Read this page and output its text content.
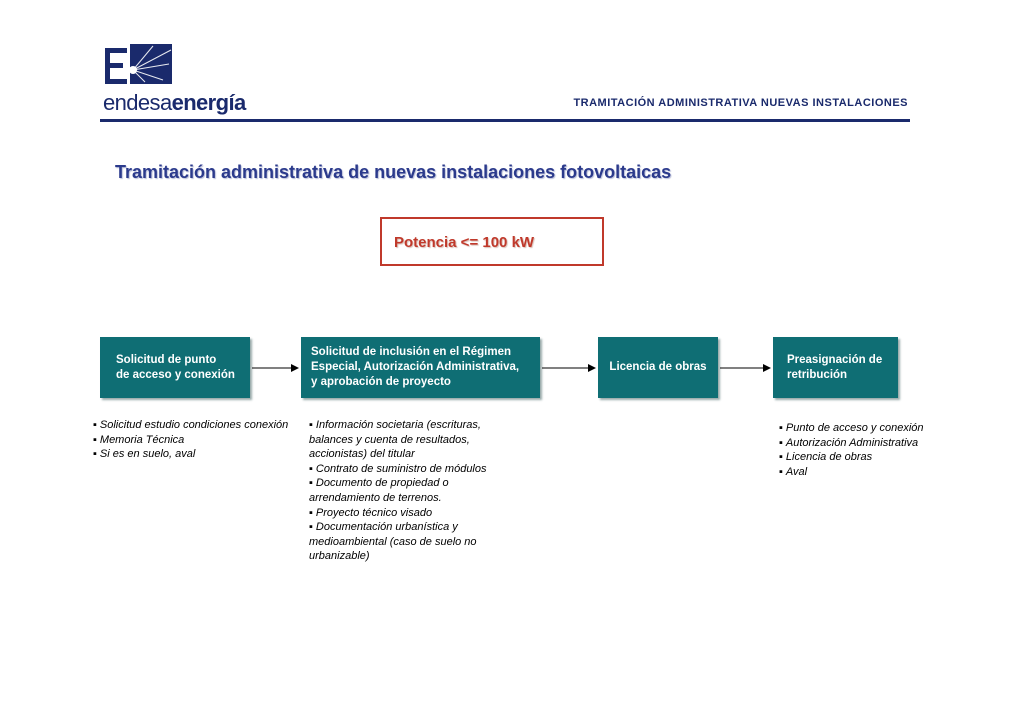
endesaenergía	TRAMITACIÓN ADMINISTRATIVA NUEVAS INSTALACIONES
Tramitación administrativa de nuevas instalaciones fotovoltaicas
Potencia <= 100 kW
Solicitud de punto
de acceso y conexión
Solicitud de inclusión en el Régimen
Especial, Autorización Administrativa,
y aprobación de proyecto
Licencia de obras
Preasignación de
retribución
▪ Solicitud estudio condiciones conexión
▪ Memoria Técnica
▪ Si es en suelo, aval
▪ Información societaria (escrituras, balances y cuenta de resultados, accionistas) del titular
▪ Contrato de suministro de módulos
▪ Documento de propiedad o arrendamiento de terrenos.
▪ Proyecto técnico visado
▪ Documentación urbanística y medioambiental (caso de suelo no urbanizable)
▪ Punto de acceso y conexión
▪ Autorización Administrativa
▪ Licencia de obras
▪ Aval
